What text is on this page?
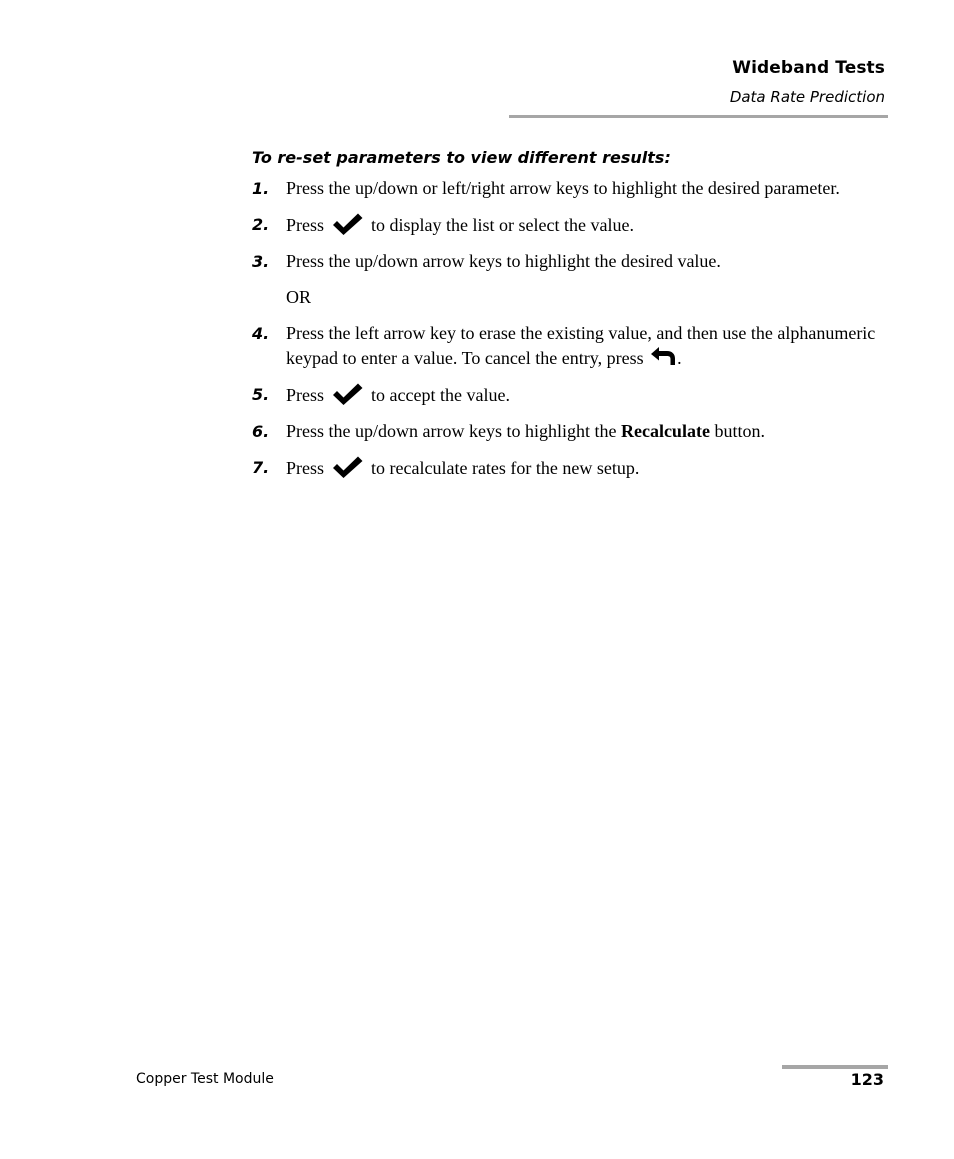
Wideband Tests
Data Rate Prediction
To re-set parameters to view different results:
1. Press the up/down or left/right arrow keys to highlight the desired parameter.
2. Press	to display the list or select the value.
3. Press the up/down arrow keys to highlight the desired value.
OR
4. Press the left arrow key to erase the existing value, and then use the alphanumeric keypad to enter a value. To cancel the entry, press .
5. Press	to accept the value.
6. Press the up/down arrow keys to highlight the Recalculate button.
7. Press	to recalculate rates for the new setup.
Copper Test Module	123
